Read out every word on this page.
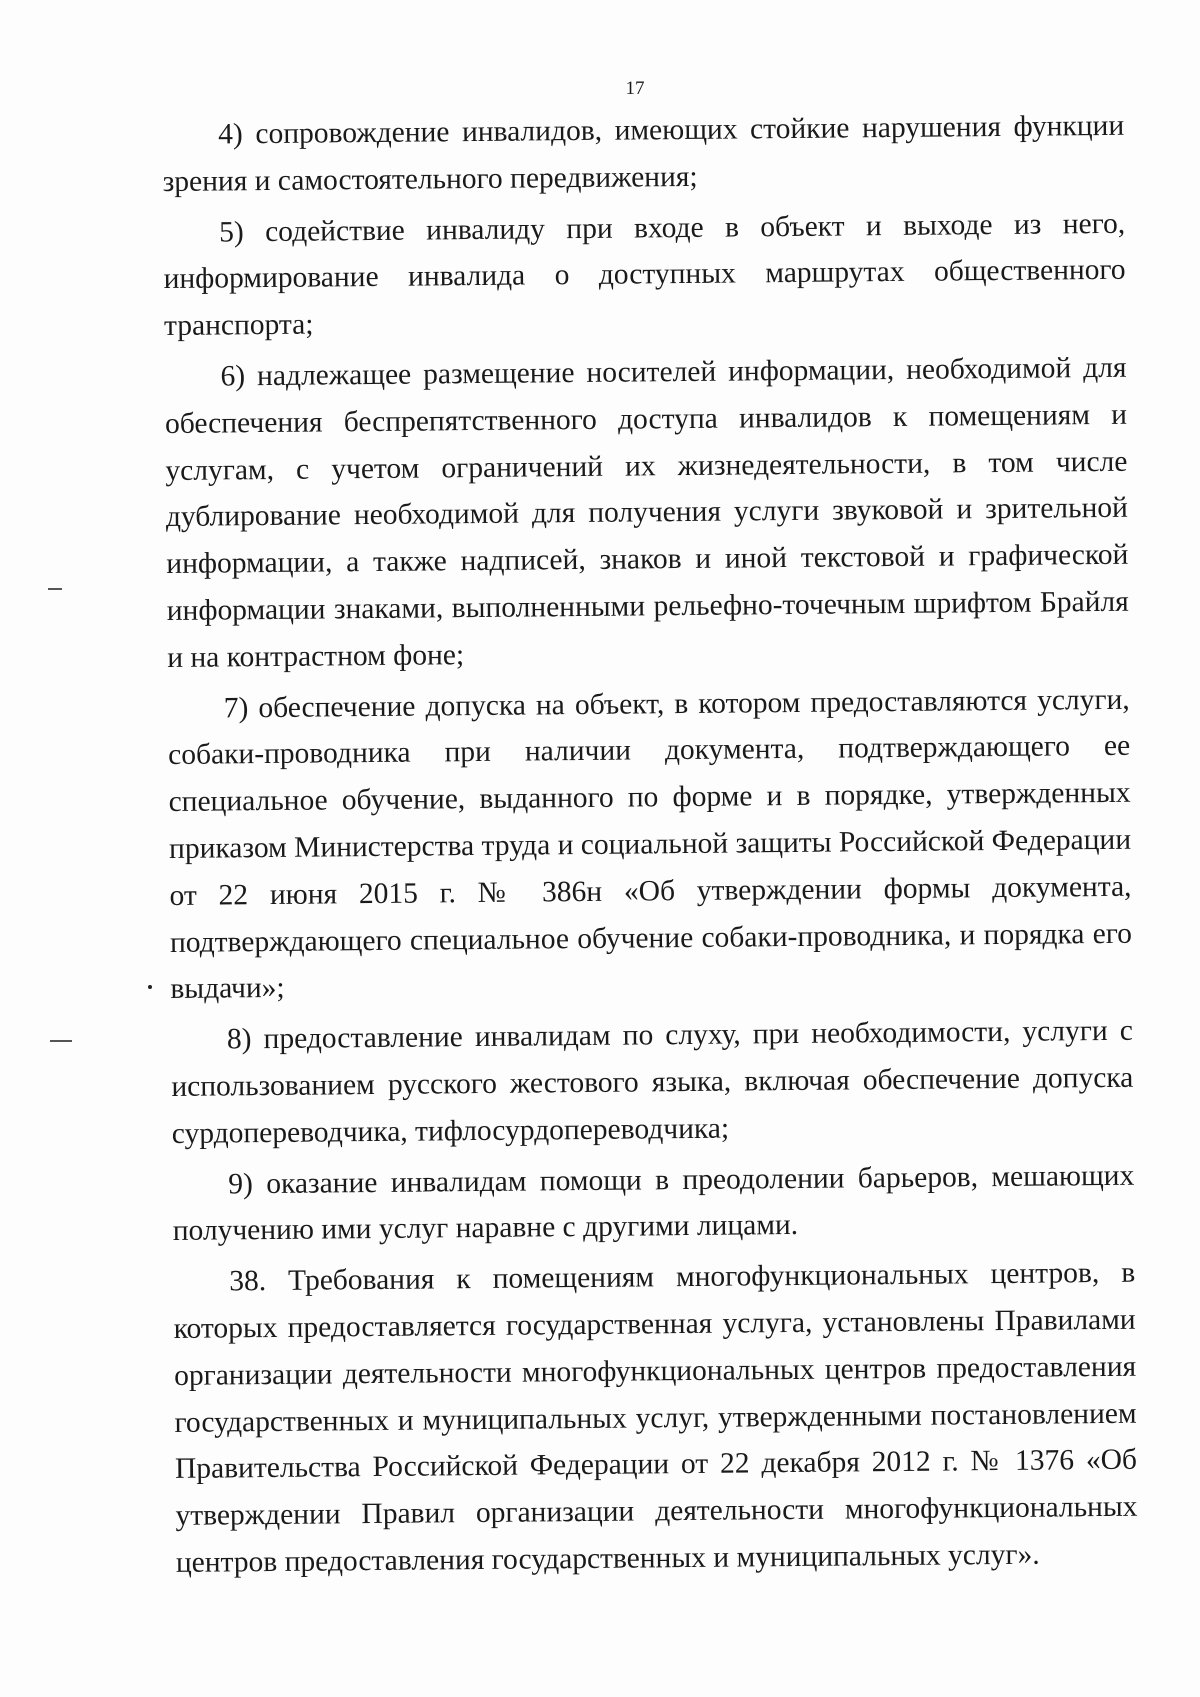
17

4) сопровождение инвалидов, имеющих стойкие нарушения функции зрения и самостоятельного передвижения;

5) содействие инвалиду при входе в объект и выходе из него, информирование инвалида о доступных маршрутах общественного транспорта;

6) надлежащее размещение носителей информации, необходимой для обеспечения беспрепятственного доступа инвалидов к помещениям и услугам, с учетом ограничений их жизнедеятельности, в том числе дублирование необходимой для получения услуги звуковой и зрительной информации, а также надписей, знаков и иной текстовой и графической информации знаками, выполненными рельефно-точечным шрифтом Брайля и на контрастном фоне;

7) обеспечение допуска на объект, в котором предоставляются услуги, собаки-проводника при наличии документа, подтверждающего ее специальное обучение, выданного по форме и в порядке, утвержденных приказом Министерства труда и социальной защиты Российской Федерации от 22 июня 2015 г. № 386н «Об утверждении формы документа, подтверждающего специальное обучение собаки-проводника, и порядка его выдачи»;

8) предоставление инвалидам по слуху, при необходимости, услуги с использованием русского жестового языка, включая обеспечение допуска сурдопереводчика, тифлосурдопереводчика;

9) оказание инвалидам помощи в преодолении барьеров, мешающих получению ими услуг наравне с другими лицами.

38. Требования к помещениям многофункциональных центров, в которых предоставляется государственная услуга, установлены Правилами организации деятельности многофункциональных центров предоставления государственных и муниципальных услуг, утвержденными постановлением Правительства Российской Федерации от 22 декабря 2012 г. № 1376 «Об утверждении Правил организации деятельности многофункциональных центров предоставления государственных и муниципальных услуг».
